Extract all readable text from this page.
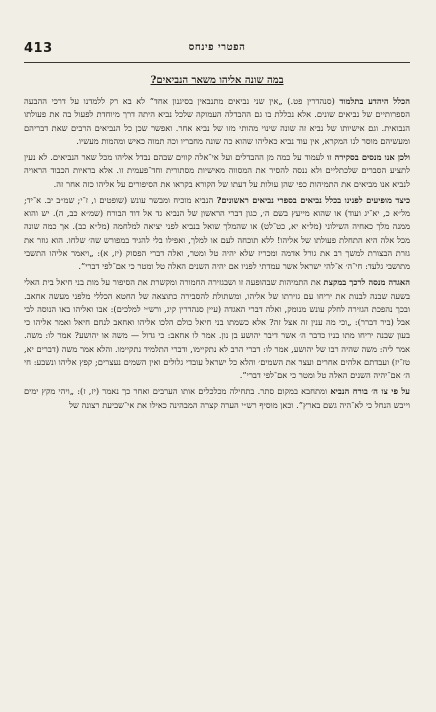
413	הפטרי פינחס
במה שונה אליהו משאר הנביאים?

הכלל היהדע בתלמוד (סנהדרין פט.) „אין שני נביאים מתנבאין בסיגנון אחד” לא בא רק ללמדנו על דרכי ההבעה הספרותיים של נביאים שונים. אלא נכללת בו גם ההבדלה העמוקה שלכל נביא היתה דרך מיוחדת לפעול בה את פעולתו הנבואית. וגם אישיותו של נביא זה שונה שינוי מהותי מזו של נביא אחר. ואפשר שכן כל הנביאים הרבים שאת דבריהם ומעשיהם מוסר לנו המקרא, אין עוד נביא כאליהו שהוא כה שונה מחבריו וכה תמוה כאיש ומהמות מעשיו.

ולכן אנו מנסים בסקירה זו לעמוד על כמה מן ההבדלים ועל אי־אלה קווים שבהם נבדל אליהו מכל שאר הנביאים. לא נעין לתציע הסברים שלכתליים ולא ננסה להסיר את המסווה מאישיות מסתורית וחד־פעמית זו. אלא בראיות הכבוד הראויה לנביא אנו מביאים את התמיהות כפי שהן עולות על דעתו של הקורא בקראו את הסיפורים על אליהו כזה אחר זה.

כיצד מופיעים לפנינו בכלל נביאים בספרי נביאים ראשונים? הנביא מוכיח ומבשר עונש (שופטים ו, ז־י; שמ״ב יב. א־יד; מל״א כ, יא־יג ועוד) או שהוא מייעץ בשם ה׳, כגון דברי הראשון של הנביא גד אל דוד הבורח (שמ״א כב, ה). יש והוא ממנה מלך כאחיה השילוני (מל״א יא, כט־לט) או שהמלך שואל בנביא לפני יציאה למלחמה (מל״א כב). אך כמה שונה מכל אלה היא התחלת פעולתו של אליהו! ללא תוכחה לעם או למלך, ואפילו בלי להגיד במפורש שה׳ שלחו. הוא גוזר את גזרת הבצורת למשך רב את גורל אדמה ומכריז שלא יהיה טל ומטר, ואלה דברי הפסוק (יז, א): „ויאמר אליהו התשבי מתושבי גלעד: חי־ה׳ א־להי ישראל אשר עמדתי לפניו אם יהיה השנים האלה טל ומטר כי אם־לפי דברי”.

האגדה מנסה לרכך במקצת את התמיהות שבהופעה זו ושבגזירה החמורה ומקשרת את הסיפור על מות בני חיאל בית האלי בשעה שבנה לבנות את יריחו עם גזירתו של אליהו, ומשתולת להסבירה כתוצאה של החטא הכללי מלפני מעשה אחאב. ובכך נהפכת הגזירה לחלק עונש מנומק, ואלה דברי האגדה (עיין סנהדרין קיג, ורש״י למלכים): אבו ואליהו באו הנוסה לבי אבל (ביר דברר): „וכי מה ענין זה אצל זה? אלא כשמתו בני חיאל כולם הלכו אליהו ואחאב לנחם חיאל ואמר אליהו כי בעון שבנה יריחו מתו בניו כדבר ה׳ אשר דיבר יהושע בן נון. אמר לו אחאב: כי גדול — משה או יהושע? אמר לו: משה. אמר ליה: משה שהיה רבו של יהושע, אמר לו: דברי הרב לא נתקיימו, ודברי התלמיד נתקיימו. והלא אמר משה (דברים יא, טז־יז) ועבדתם אלהים אחרים ועצר את השמים׳ והלא כל ישראל עובדי גלולים ואין השמים נעצרים; קפץ אליהו ונשבע: חי ה׳ אם־יהיה השנים האלה טל ומטר כי אם־לפי דברי”.

על פי צו ה׳ בורח הנביא ומתחבא במקום סתר. בתחילה מכלכלים אותו הערבים ואחר כך נאמר (יז, ז): „ויהי מקץ ימים וייבש הנחל כי לא־היה גשם בארץ”. וכאן מוסיף רש״י הערה קצרה המבהינה כאילו את אי־שביעת רצונה של
